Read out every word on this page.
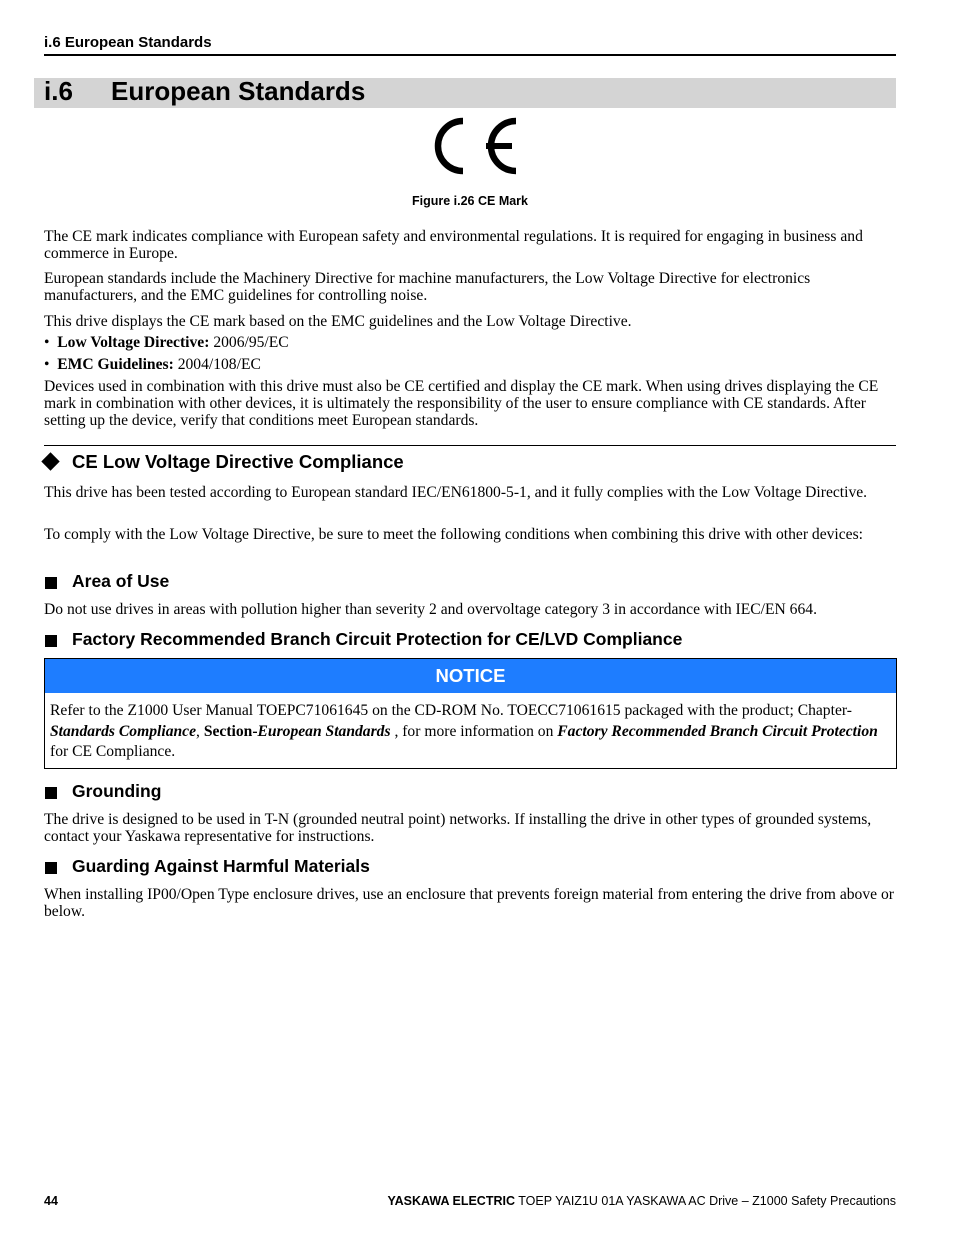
i.6 European Standards
i.6 European Standards
Figure i.26 CE Mark
The CE mark indicates compliance with European safety and environmental regulations. It is required for engaging in business and commerce in Europe.
European standards include the Machinery Directive for machine manufacturers, the Low Voltage Directive for electronics manufacturers, and the EMC guidelines for controlling noise.
This drive displays the CE mark based on the EMC guidelines and the Low Voltage Directive.
•  Low Voltage Directive: 2006/95/EC
•  EMC Guidelines: 2004/108/EC
Devices used in combination with this drive must also be CE certified and display the CE mark. When using drives displaying the CE mark in combination with other devices, it is ultimately the responsibility of the user to ensure compliance with CE standards. After setting up the device, verify that conditions meet European standards.
CE Low Voltage Directive Compliance
This drive has been tested according to European standard IEC/EN61800-5-1, and it fully complies with the Low Voltage Directive.
To comply with the Low Voltage Directive, be sure to meet the following conditions when combining this drive with other devices:
Area of Use
Do not use drives in areas with pollution higher than severity 2 and overvoltage category 3 in accordance with IEC/EN 664.
Factory Recommended Branch Circuit Protection for CE/LVD Compliance
NOTICE
Refer to the Z1000 User Manual TOEPC71061645 on the CD-ROM No. TOECC71061615 packaged with the product; Chapter- Standards Compliance, Section-European Standards , for more information on Factory Recommended Branch Circuit Protection for CE Compliance.
Grounding
The drive is designed to be used in T-N (grounded neutral point) networks. If installing the drive in other types of grounded systems, contact your Yaskawa representative for instructions.
Guarding Against Harmful Materials
When installing IP00/Open Type enclosure drives, use an enclosure that prevents foreign material from entering the drive from above or below.
44	YASKAWA ELECTRIC TOEP YAIZ1U 01A YASKAWA AC Drive – Z1000 Safety Precautions
